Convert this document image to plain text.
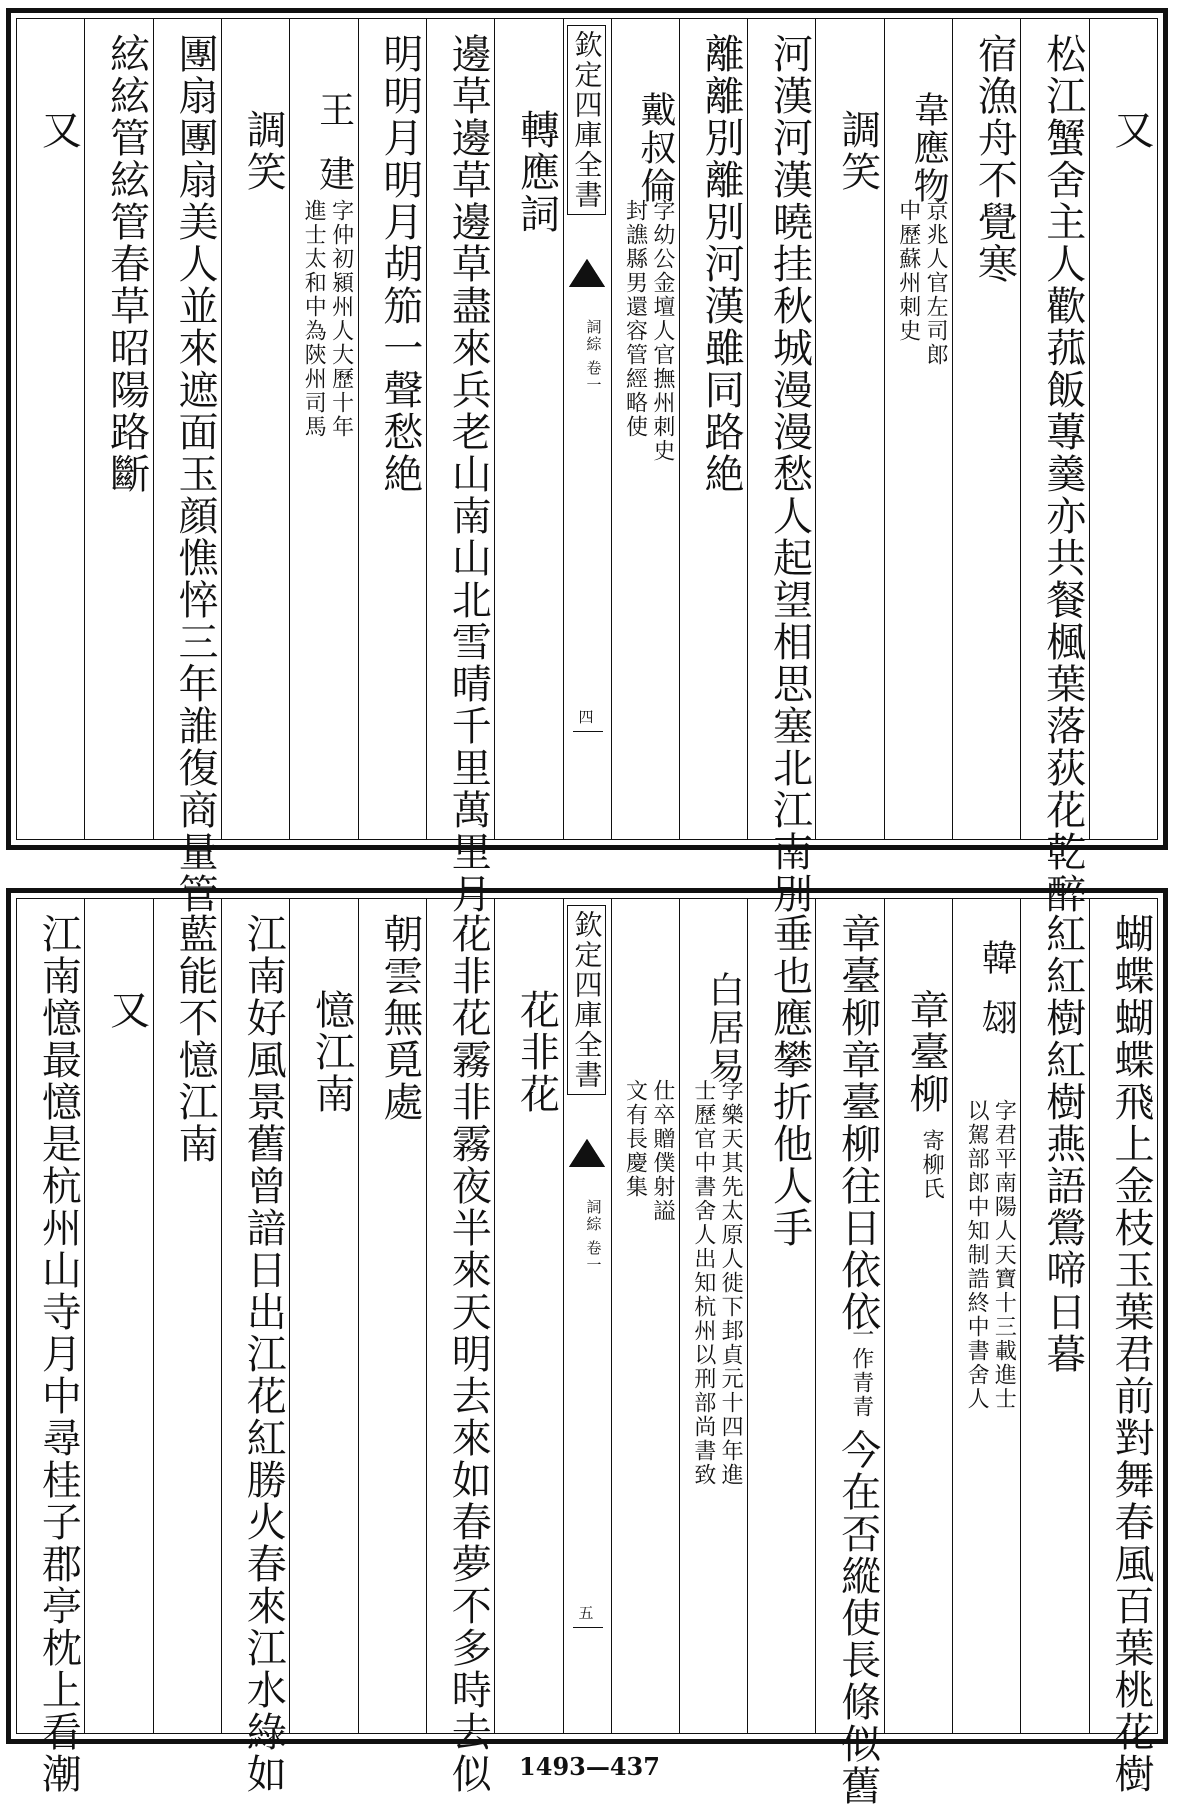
又
松江蟹舍主人歡菰飯蓴羹亦共餐楓葉落荻花乾醉
宿漁舟不覺寒
韋應物
京兆人官左司郎
中歷蘇州刺史
調笑
河漢河漢曉挂秋城漫漫愁人起望相思塞北江南別
離離別離別河漢雖同路絶
戴叔倫
字幼公金壇人官撫州刺史
封譙縣男還容管經略使
欽定四庫全書
詞綜 卷一
四
轉應詞
邊草邊草邊草盡來兵老山南山北雪晴千里萬里月
明明月明月胡笳一聲愁絶
王建
字仲初潁州人大歷十年
進士太和中為陝州司馬
調笑
團扇團扇美人並來遮面玉顔憔悴三年誰復商量管
絃絃管絃管春草昭陽路斷
又
蝴蝶蝴蝶飛上金枝玉葉君前對舞春風百葉桃花樹
紅紅樹紅樹燕語鶯啼日暮
韓翃
字君平南陽人天寶十三載進士
以駕部郎中知制誥終中書舍人
章臺柳
寄柳氏
章臺柳章臺柳往日依依
一作青青
今在否縱使長條似舊
垂也應攀折他人手
白居易
字樂天其先太原人徙下邽貞元十四年進
士歷官中書舍人出知杭州以刑部尚書致
仕卒贈僕射謚
文有長慶集
欽定四庫全書
詞綜 卷一
五
花非花
花非花霧非霧夜半來天明去來如春夢不多時去似
朝雲無覓處
憶江南
江南好風景舊曾諳日出江花紅勝火春來江水綠如
藍能不憶江南
又
江南憶最憶是杭州山寺月中尋桂子郡亭枕上看潮	1493—437
